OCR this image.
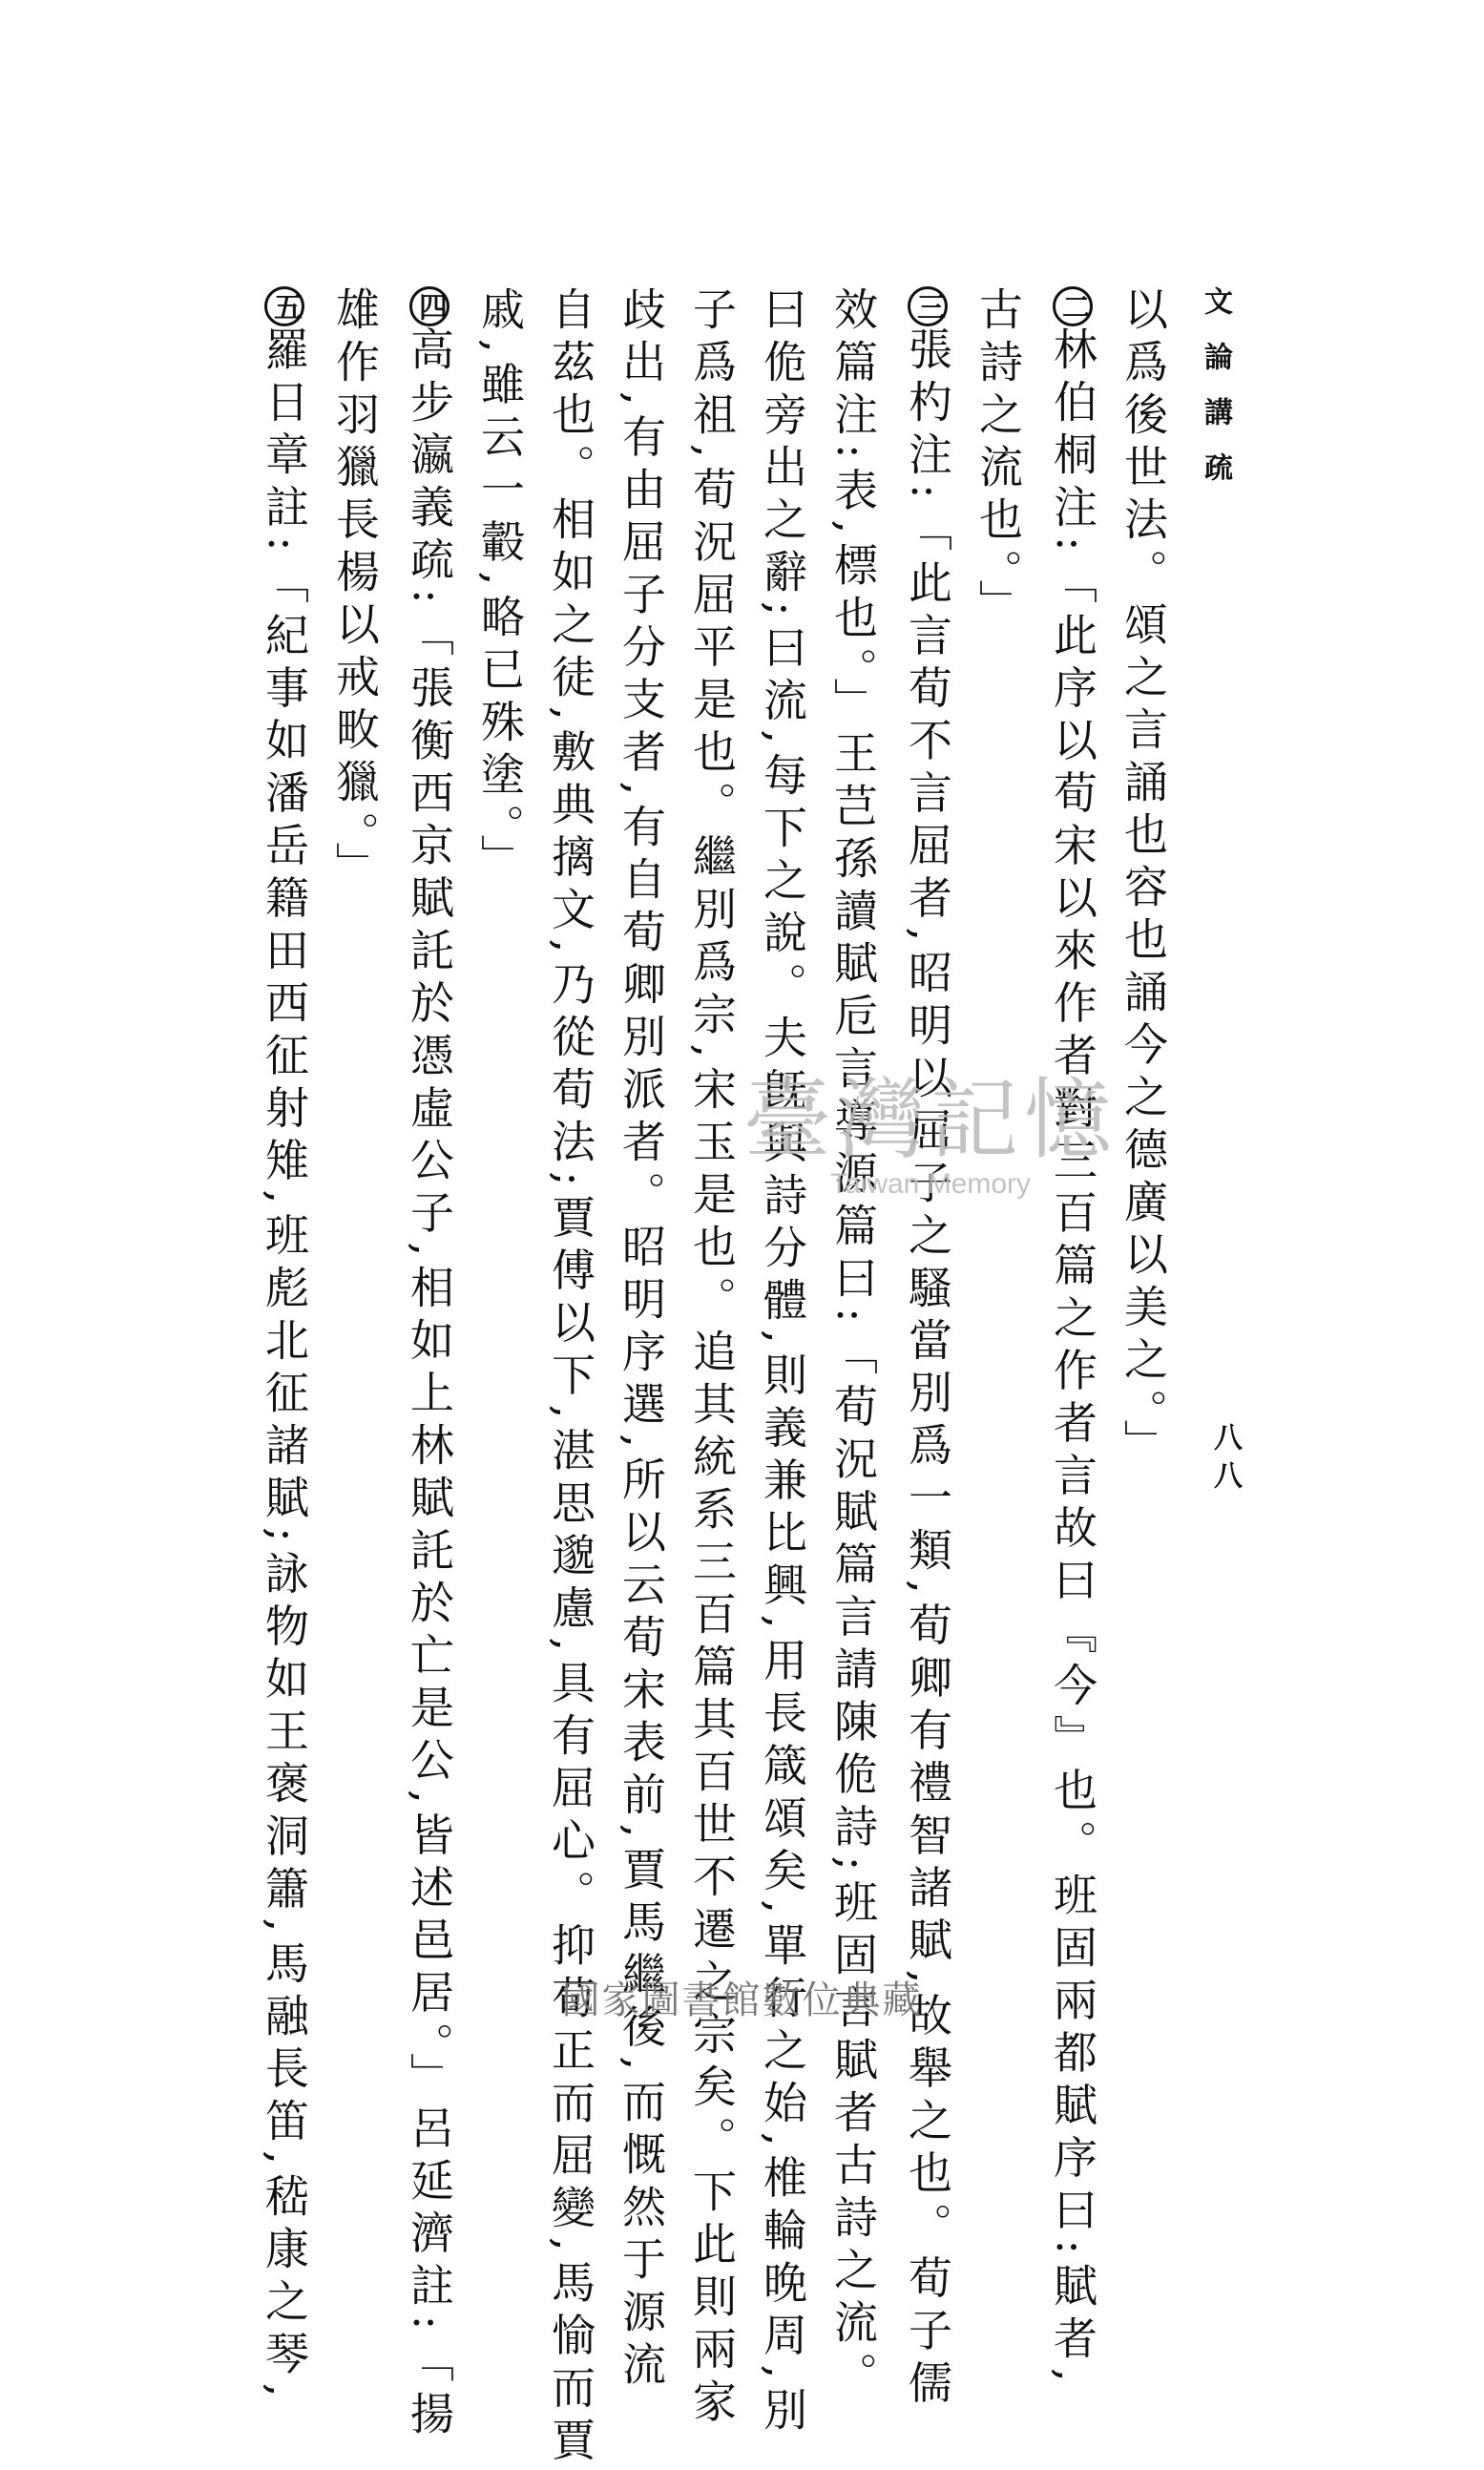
文論講疏
以爲後世法。頌之言誦也容也誦今之德廣以美之。」
二林伯桐注:「此序以荀宋以來作者對三百篇之作者言故曰『今』也。班固兩都賦序曰:賦者,
古詩之流也。」
三張杓注:「此言荀不言屈者,昭明以屈子之騷當別爲一類,荀卿有禮智諸賦,故舉之也。荀子儒
效篇注:表,標也。」王芑孫讀賦卮言導源篇曰:「荀況賦篇言請陳佹詩;班固言賦者古詩之流。
曰佹旁出之辭;曰流,每下之說。夫旣與詩分體,則義兼比興,用長箴頌矣,單行之始,椎輪晚周,別
子爲祖,荀況屈平是也。繼別爲宗,宋玉是也。追其統系三百篇其百世不遷之宗矣。下此則兩家
歧出,有由屈子分支者,有自荀卿別派者。昭明序選,所以云荀宋表前,賈馬繼後,而慨然于源流
自茲也。相如之徒,敷典摛文,乃從荀法;賈傅以下,湛思邈慮,具有屈心。抑荀正而屈變,馬愉而賈
戚,雖云一轂,略已殊塗。」
四高步瀛義疏:「張衡西京賦託於憑虛公子,相如上林賦託於亡是公,皆述邑居。」呂延濟註:「揚
雄作羽獵長楊以戒畋獵。」
五羅日章註:「紀事如潘岳籍田西征射雉,班彪北征諸賦;詠物如王褒洞簫,馬融長笛,嵇康之琴,	八八
臺灣記憶
Taiwan Memory
國家圖書館數位典藏
